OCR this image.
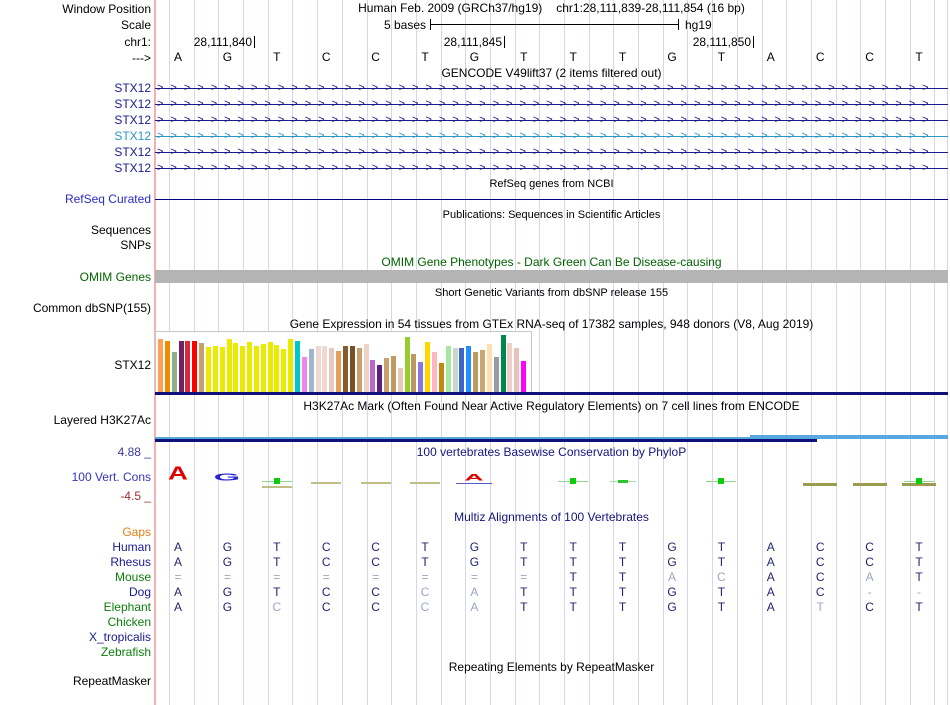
Window Position	Human Feb. 2009 (GRCh37/hg19) chr1:28,111,839-28,111,854 (16 bp)
Scale	5 bases	hg19
chr1:	28,111,840	28,111,845	28,111,850
--->	A	G	T	C	C	T	G	T	T	T	G	T	A	C	C	T
GENCODE V49lift37 (2 items filtered out)
STX12 >>>>>>>>>>>>>>>>>>>>>>>>>>>>>>>>>>>>>>>>>>>>>>>>>>>>>>>>>>
STX12 >>>>>>>>>>>>>>>>>>>>>>>>>>>>>>>>>>>>>>>>>>>>>>>>>>>>>>>>>>
STX12 >>>>>>>>>>>>>>>>>>>>>>>>>>>>>>>>>>>>>>>>>>>>>>>>>>>>>>>>>>
STX12 >>>>>>>>>>>>>>>>>>>>>>>>>>>>>>>>>>>>>>>>>>>>>>>>>>>>>>>>>>
STX12 >>>>>>>>>>>>>>>>>>>>>>>>>>>>>>>>>>>>>>>>>>>>>>>>>>>>>>>>>>
STX12 >>>>>>>>>>>>>>>>>>>>>>>>>>>>>>>>>>>>>>>>>>>>>>>>>>>>>>>>>>
RefSeq genes from NCBI
RefSeq Curated
Publications: Sequences in Scientific Articles
Sequences
SNPs
OMIM Gene Phenotypes - Dark Green Can Be Disease-causing
OMIM Genes
Short Genetic Variants from dbSNP release 155
Common dbSNP(155)
Gene Expression in 54 tissues from GTEx RNA-seq of 17382 samples, 948 donors (V8, Aug 2019)
STX12
H3K27Ac Mark (Often Found Near Active Regulatory Elements) on 7 cell lines from ENCODE
Layered H3K27Ac
4.88 _	100 vertebrates Basewise Conservation by PhyloP
100 Vert. Cons A	G	A
-4.5 _
Multiz Alignments of 100 Vertebrates
Gaps
Human	A	G	T	C	C	T	G	T	T	T	G	T	A	C	C	T
Rhesus	A	G	T	C	C	T	G	T	T	T	G	T	A	C	C	T
Mouse	=	=	=	=	=	=	=	=	T	T	A	C	A	C	A	T
Dog	A	G	T	C	C	C	A	T	T	T	G	T	A	C	-	-
Elephant	A	G	C	C	C	C	A	T	T	T	G	T	A	T	C	T
Chicken
X_tropicalis
Zebrafish
Repeating Elements by RepeatMasker
RepeatMasker
